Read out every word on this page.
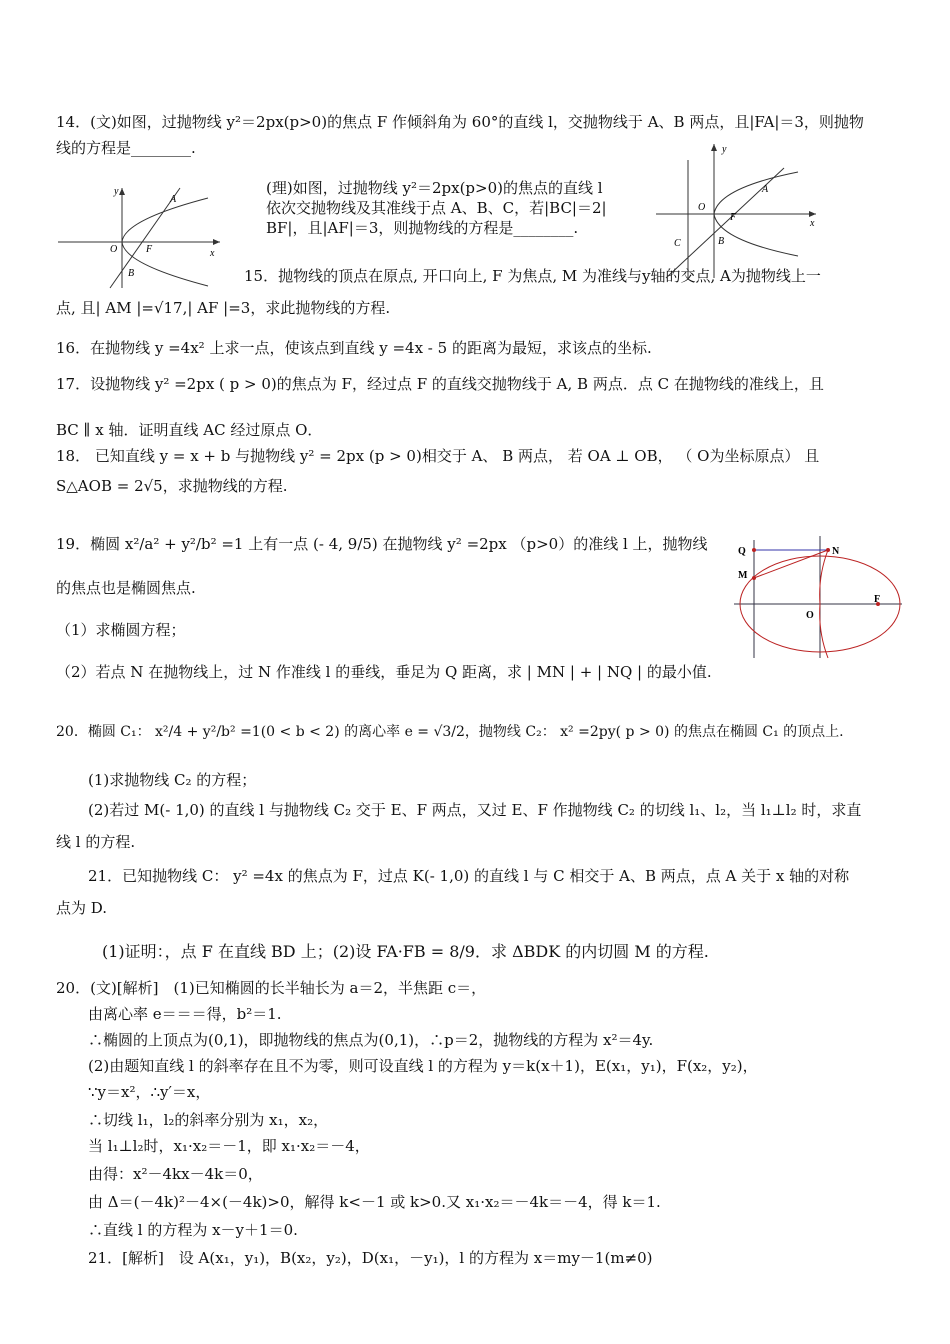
14．(文)如图，过抛物线 y²＝2px(p>0)的焦点 F 作倾斜角为 60°的直线 l，交抛物线于 A、B 两点，且|FA|＝3，则抛物
线的方程是________.
(理)如图，过抛物线 y²＝2px(p>0)的焦点的直线 l
依次交抛物线及其准线于点 A、B、C，若|BC|＝2|
BF|，且|AF|＝3，则抛物线的方程是________.
15．抛物线的顶点在原点, 开口向上, F 为焦点, M 为准线与y轴的交点, A为抛物线上一
点, 且| AM |=√17,| AF |=3，求此抛物线的方程.
16．在抛物线 y =4x² 上求一点，使该点到直线 y =4x - 5 的距离为最短，求该点的坐标.
17．设抛物线 y² =2px ( p > 0)的焦点为 F，经过点 F 的直线交抛物线于 A, B 两点．点 C 在抛物线的准线上，且
BC ∥ x 轴．证明直线 AC 经过原点 O．
18． 已知直线 y = x + b 与抛物线 y² = 2px (p > 0)相交于 A、 B 两点， 若 OA ⊥ OB， （ O为坐标原点） 且
S△AOB = 2√5，求抛物线的方程.
19．椭圆 x²/a² + y²/b² =1 上有一点 (- 4, 9/5) 在抛物线 y² =2px （p>0）的准线 l 上，抛物线
的焦点也是椭圆焦点.
（1）求椭圆方程；
（2）若点 N 在抛物线上，过 N 作准线 l 的垂线，垂足为 Q 距离，求 | MN | + | NQ | 的最小值.
20．椭圆 C₁： x²/4 + y²/b² =1(0 < b < 2) 的离心率 e = √3/2，抛物线 C₂： x² =2py( p > 0) 的焦点在椭圆 C₁ 的顶点上.
(1)求抛物线 C₂ 的方程；
(2)若过 M(- 1,0) 的直线 l 与抛物线 C₂ 交于 E、F 两点，又过 E、F 作抛物线 C₂ 的切线 l₁、l₂，当 l₁⊥l₂ 时，求直
线 l 的方程.
21．已知抛物线 C： y² =4x 的焦点为 F，过点 K(- 1,0) 的直线 l 与 C 相交于 A、B 两点，点 A 关于 x 轴的对称
点为 D.
(1)证明：，点 F 在直线 BD 上；(2)设 FA·FB = 8/9．求 ΔBDK 的内切圆 M 的方程.
20．(文)[解析]　(1)已知椭圆的长半轴长为 a＝2，半焦距 c＝，
由离心率 e＝＝＝得，b²＝1.
∴椭圆的上顶点为(0,1)，即抛物线的焦点为(0,1)，∴p＝2，抛物线的方程为 x²＝4y.
(2)由题知直线 l 的斜率存在且不为零，则可设直线 l 的方程为 y＝k(x＋1)，E(x₁，y₁)，F(x₂，y₂)，
∵y＝x²，∴y′＝x，
∴切线 l₁，l₂的斜率分别为 x₁，x₂，
当 l₁⊥l₂时，x₁·x₂＝－1，即 x₁·x₂＝－4，
由得：x²－4kx－4k＝0，
由 Δ＝(－4k)²－4×(－4k)>0，解得 k<－1 或 k>0.又 x₁·x₂＝－4k＝－4，得 k＝1.
∴直线 l 的方程为 x－y＋1＝0.
21．[解析]　设 A(x₁，y₁)，B(x₂，y₂)，D(x₁，－y₁)，l 的方程为 x＝my－1(m≠0)
y
x
O
A
F
B
y
x
O
A
F
B
C
Q	N
M
O
F
